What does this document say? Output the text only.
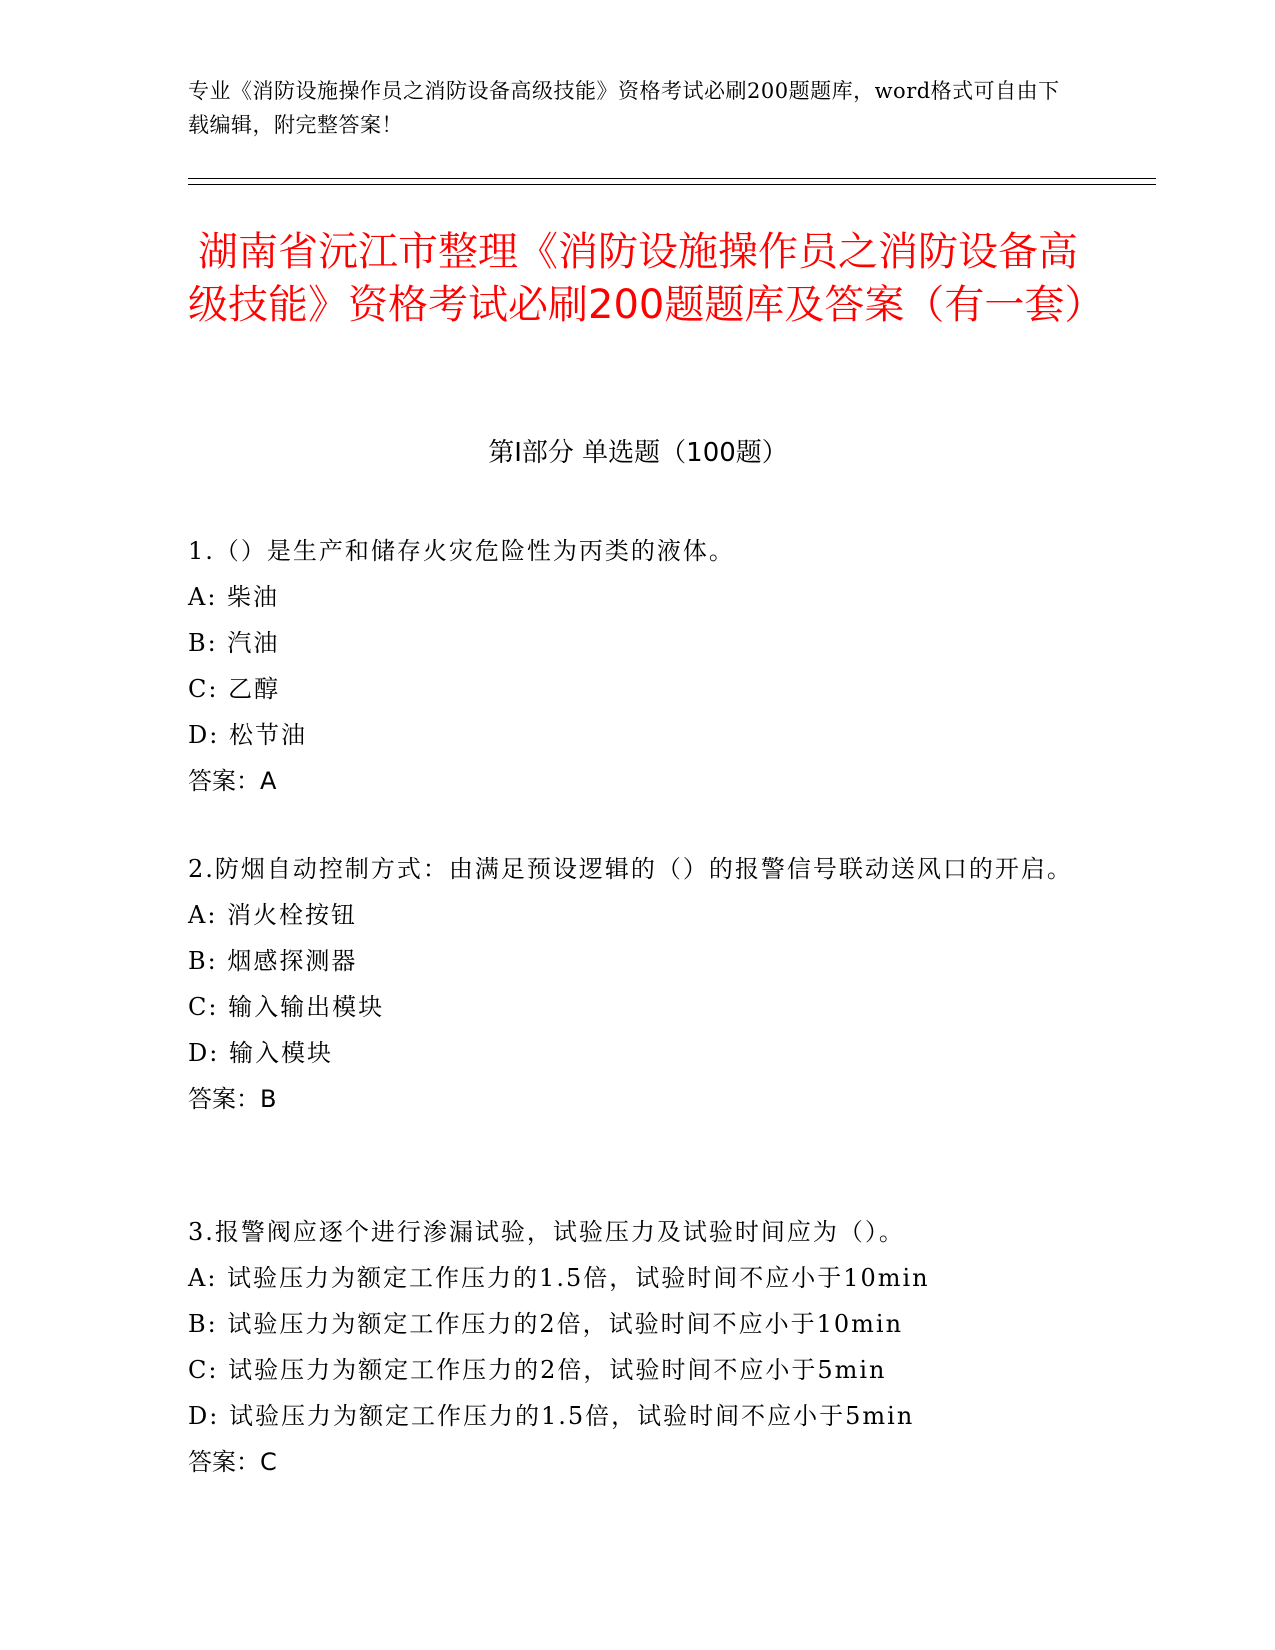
专业《消防设施操作员之消防设备高级技能》资格考试必刷200题题库，word格式可自由下载编辑，附完整答案！
湖南省沅江市整理《消防设施操作员之消防设备高级技能》资格考试必刷200题题库及答案（有一套）
第Ⅰ部分 单选题（100题）

1.（）是生产和储存火灾危险性为丙类的液体。

A: 柴油

B: 汽油

C: 乙醇

D: 松节油

答案：A

2.防烟自动控制方式：由满足预设逻辑的（）的报警信号联动送风口的开启。

A: 消火栓按钮

B: 烟感探测器

C: 输入输出模块

D: 输入模块

答案：B

3.报警阀应逐个进行渗漏试验，试验压力及试验时间应为（）。

A: 试验压力为额定工作压力的1.5倍，试验时间不应小于10min

B: 试验压力为额定工作压力的2倍，试验时间不应小于10min

C: 试验压力为额定工作压力的2倍，试验时间不应小于5min

D: 试验压力为额定工作压力的1.5倍，试验时间不应小于5min

答案：C
